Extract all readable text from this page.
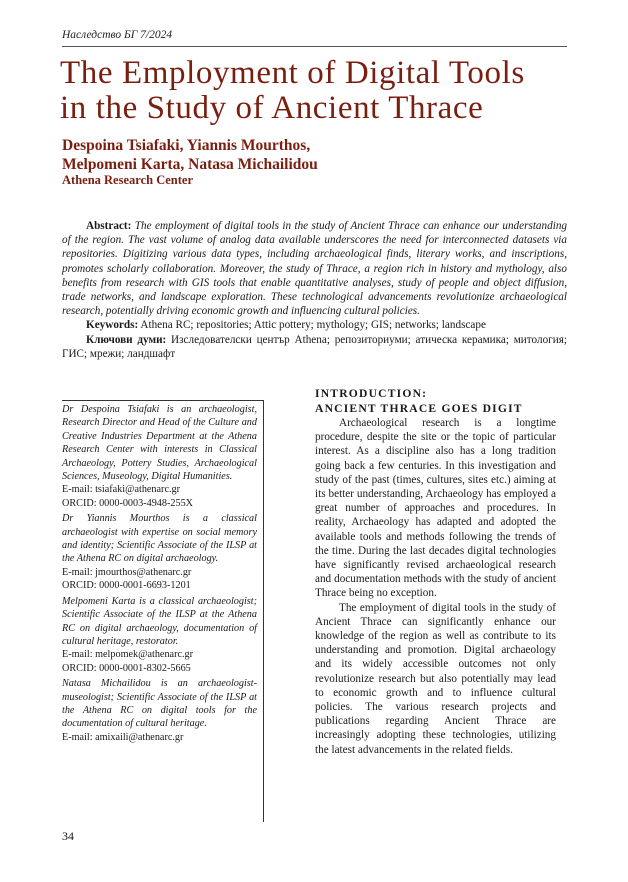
Наследство БГ 7/2024
The Employment of Digital Tools
in the Study of Ancient Thrace
Despoina Tsiafaki, Yiannis Mourthos,
Melpomeni Karta, Natasa Michailidou
Athena Research Center

Abstract: The employment of digital tools in the study of Ancient Thrace can enhance our understanding of the region. The vast volume of analog data available underscores the need for interconnected datasets via repositories. Digitizing various data types, including archaeological finds, literary works, and inscriptions, promotes scholarly collaboration. Moreover, the study of Thrace, a region rich in history and mythology, also benefits from research with GIS tools that enable quantitative analyses, study of people and object diffusion, trade networks, and landscape exploration. These technological advancements revolutionize archaeological research, potentially driving economic growth and influencing cultural policies.

Keywords: Athena RC; repositories; Attic pottery; mythology; GIS; networks; landscape

Ключови думи: Изследователски център Athena; репозиториуми; атическа керамика; митология; ГИС; мрежи; ландшафт

Dr Despoina Tsiafaki is an archaeologist, Research Director and Head of the Culture and Creative Industries Department at the Athena Research Center with interests in Classical Archaeology, Pottery Studies, Archaeological Sciences, Museology, Digital Humanities.
E-mail: tsiafaki@athenarc.gr
ORCID: 0000-0003-4948-255X
Dr Yiannis Mourthos is a classical archaeologist with expertise on social memory and identity; Scientific Associate of the ILSP at the Athena RC on digital archaeology.
E-mail: jmourthos@athenarc.gr
ORCID: 0000-0001-6693-1201
Melpomeni Karta is a classical archaeologist; Scientific Associate of the ILSP at the Athena RC on digital archaeology, documentation of cultural heritage, restorator.
E-mail: melpomek@athenarc.gr
ORCID: 0000-0001-8302-5665
Natasa Michailidou is an archaeologist-museologist; Scientific Associate of the ILSP at the Athena RC on digital tools for the documentation of cultural heritage.
E-mail: amixaili@athenarc.gr
INTRODUCTION:
ANCIENT THRACE GOES DIGIT

Archaeological research is a longtime procedure, despite the site or the topic of particular interest. As a discipline also has a long tradition going back a few centuries. In this investigation and study of the past (times, cultures, sites etc.) aiming at its better understanding, Archaeology has employed a great number of approaches and procedures. In reality, Archaeology has adapted and adopted the available tools and methods following the trends of the time. During the last decades digital technologies have significantly revised archaeological research and documentation methods with the study of ancient Thrace being no exception.

The employment of digital tools in the study of Ancient Thrace can significantly enhance our knowledge of the region as well as contribute to its understanding and promotion. Digital archaeology and its widely accessible outcomes not only revolutionize research but also potentially may lead to economic growth and to influence cultural policies. The various research projects and publications regarding Ancient Thrace are increasingly adopting these technologies, utilizing the latest advancements in the related fields.

34
